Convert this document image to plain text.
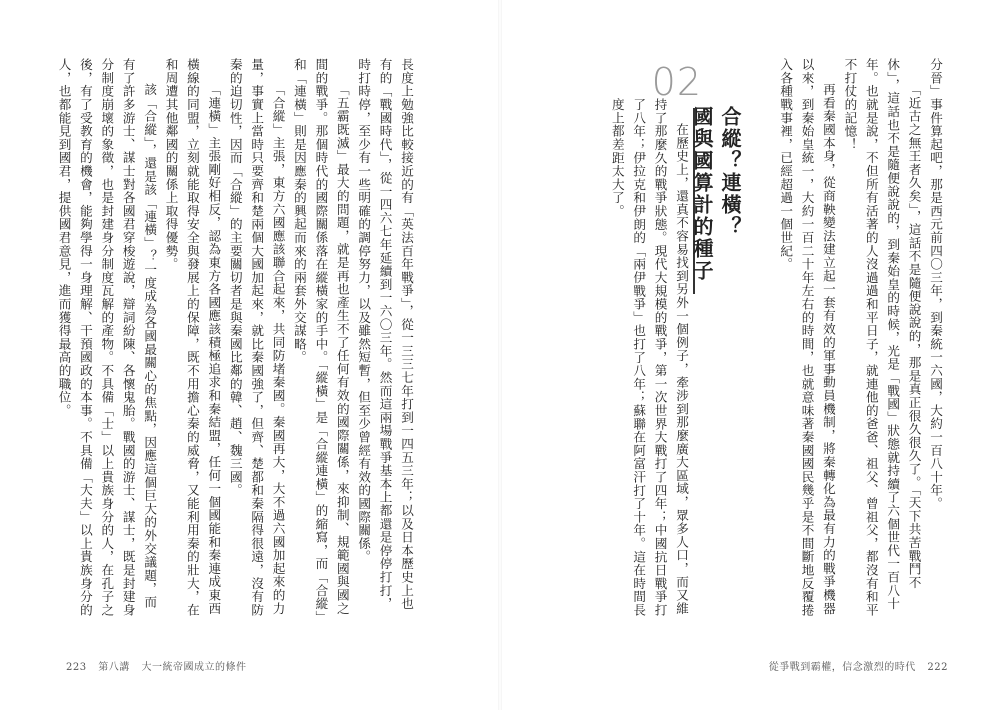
分晉」事件算起吧，那是西元前四〇三年，到秦統一六國，大約一百八十年。

「近古之無王者久矣」，這話不是隨便說說的，那是真正很久很久了。「天下共苦戰鬥不休」，這話也不是隨便說說的，到秦始皇的時候，光是「戰國」狀態就持續了六個世代一百八十年。也就是說，不但所有活著的人沒過過和平日子，就連他的爸爸、祖父、曾祖父，都沒有和平不打仗的記憶！

再看秦國本身，從商鞅變法建立起一套有效的軍事動員機制，將秦轉化為最有力的戰爭機器以來，到秦始皇統一，大約一百二十年左右的時間，也就意味著秦國國民幾乎是不間斷地反覆捲入各種戰事裡，已經超過一個世紀。

02
合縱？連橫？
國與國算計的種子

在歷史上，還真不容易找到另外一個例子，牽涉到那麼廣大區域，眾多人口，而又維持了那麼久的戰爭狀態。現代大規模的戰爭，第一次世界大戰打了四年；中國抗日戰爭打了八年；伊拉克和伊朗的「兩伊戰爭」也打了八年；蘇聯在阿富汗打了十年。這在時間長度上都差距太大了。

從爭戰到霸權，信念激烈的時代 222

長度上勉強比較接近的有「英法百年戰爭」，從一三三七年打到一四五三年；以及日本歷史上也有的「戰國時代」，從一四六七年延續到一六〇三年。然而這兩場戰爭基本上都還是停停打打，時打時停，至少有一些明確的調停努力，以及雖然短暫，但至少曾經有效的國際關係。

「五霸既滅」最大的問題，就是再也產生不了任何有效的國際關係，來抑制、規範國與國之間的戰爭。那個時代的國際關係落在縱橫家的手中。「縱橫」是「合縱連橫」的縮寫，而「合縱」和「連橫」則是因應秦的興起而來的兩套外交謀略。

「合縱」主張，東方六國應該聯合起來，共同防堵秦國。秦國再大，大不過六國加起來的力量，事實上當時只要齊和楚兩個大國加起來，就比秦國強了，但齊、楚都和秦隔得很遠，沒有防秦的迫切性，因而「合縱」的主要關切者是與秦國比鄰的韓、趙、魏三國。

「連橫」主張剛好相反，認為東方各國應該積極追求和秦結盟，任何一個國能和秦連成東西橫線的同盟，立刻就能取得安全與發展上的保障，既不用擔心秦的威脅，又能利用秦的壯大，在和周遭其他鄰國的關係上取得優勢。

該「合縱」，還是該「連橫」？一度成為各國最關心的焦點，因應這個巨大的外交議題，而有了許多游士、謀士對各國君穿梭遊說，辯詞紛陳、各懷鬼胎。戰國的游士、謀士，既是封建身分制度崩壞的象徵，也是封建身分制度瓦解的產物。不具備「士」以上貴族身分的人，在孔子之後，有了受教育的機會，能夠學得一身理解、干預國政的本事。不具備「大夫」以上貴族身分的人，也都能見到國君，提供國君意見，進而獲得最高的職位。

223 第八講 大一統帝國成立的條件
